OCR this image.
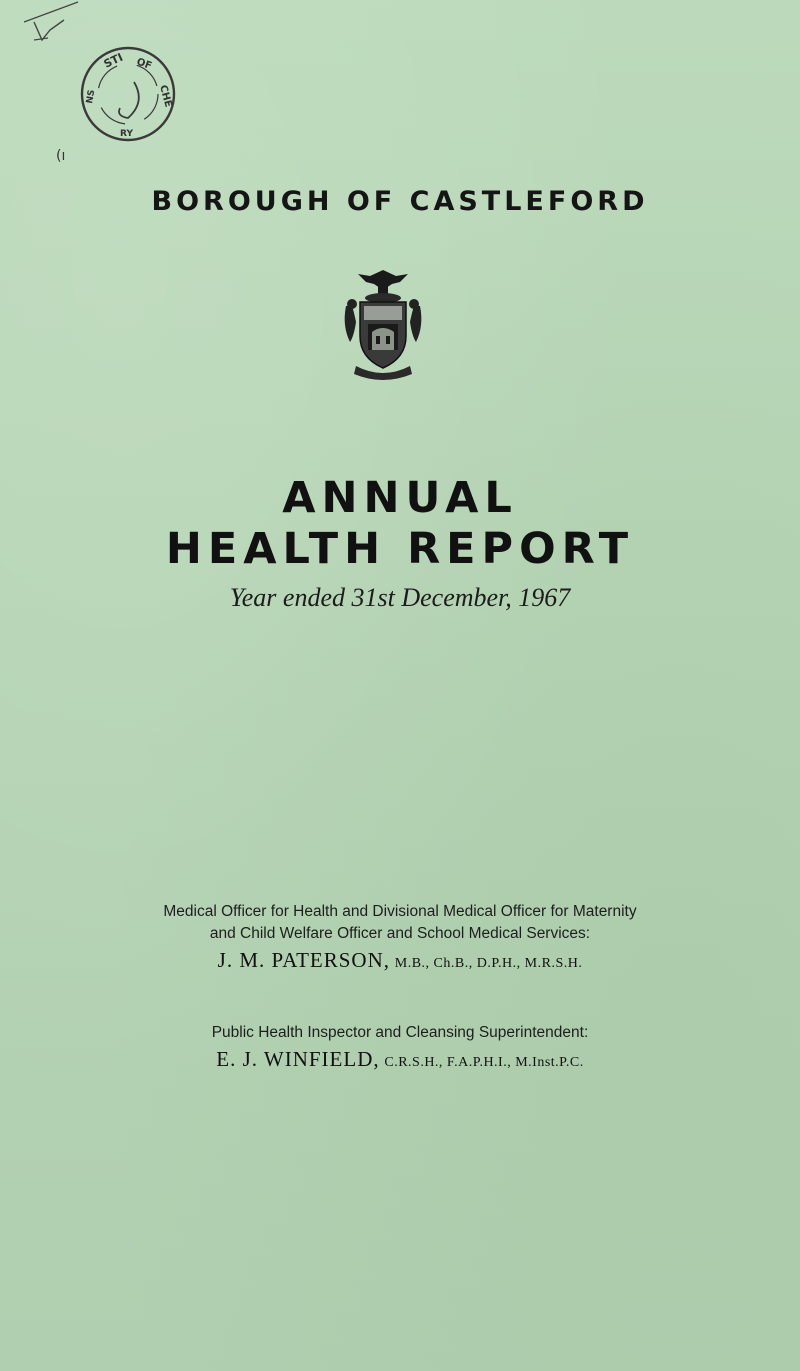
STI OF
CHE
NS
RY
(ı
BOROUGH OF CASTLEFORD
ANNUAL
HEALTH REPORT
Year ended 31st December, 1967
Medical Officer for Health and Divisional Medical Officer for Maternity
and Child Welfare Officer and School Medical Services:
J. M. PATERSON, M.B., Ch.B., D.P.H., M.R.S.H.
Public Health Inspector and Cleansing Superintendent:
E. J. WINFIELD, C.R.S.H., F.A.P.H.I., M.Inst.P.C.
